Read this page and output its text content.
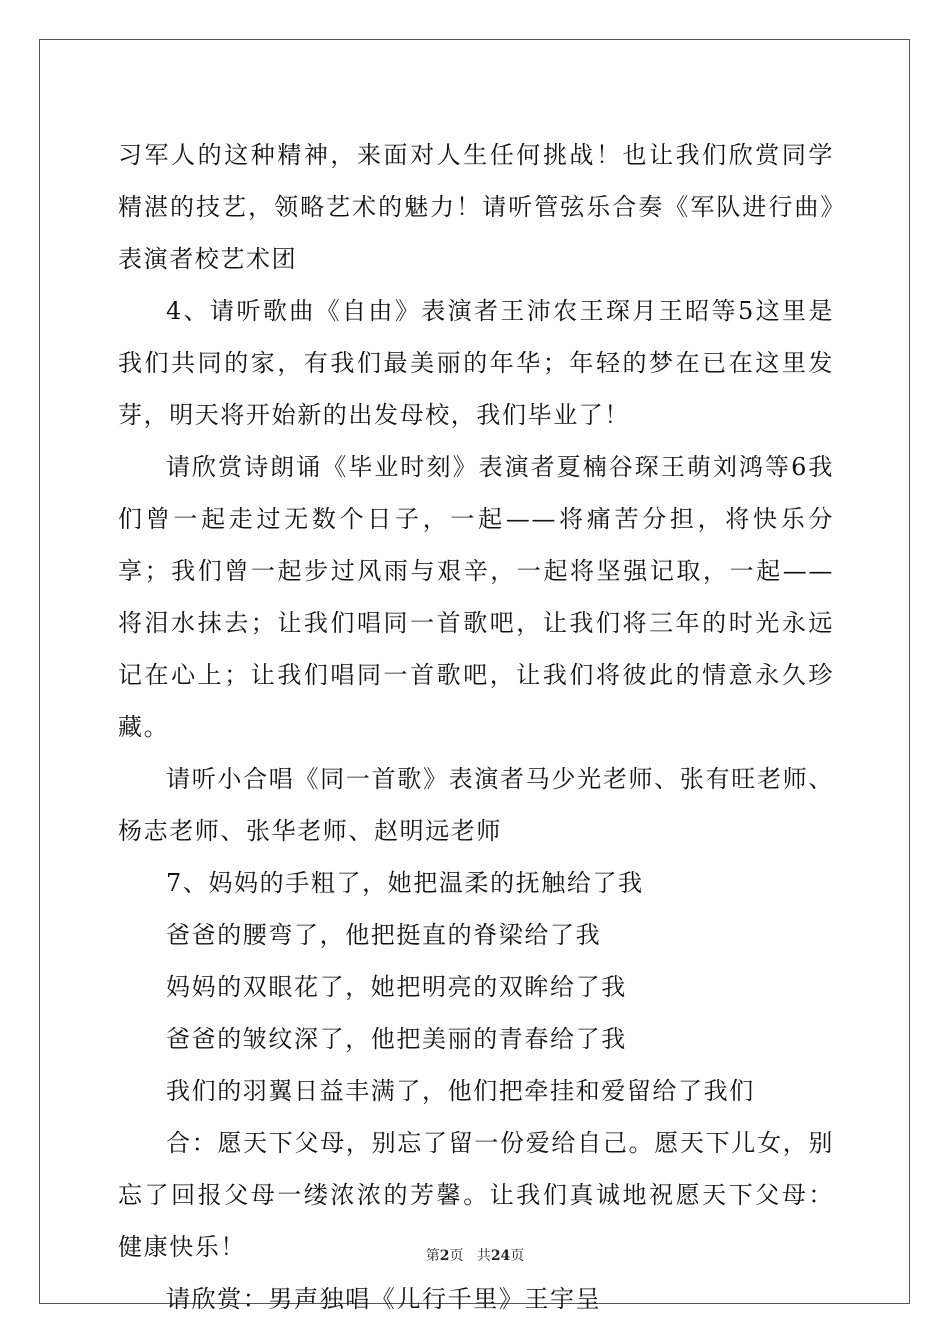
习军人的这种精神，来面对人生任何挑战！也让我们欣赏同学精湛的技艺，领略艺术的魅力！请听管弦乐合奏《军队进行曲》表演者校艺术团

4、请听歌曲《自由》表演者王沛农王琛月王昭等5这里是我们共同的家，有我们最美丽的年华；年轻的梦在已在这里发芽，明天将开始新的出发母校，我们毕业了！

请欣赏诗朗诵《毕业时刻》表演者夏楠谷琛王萌刘鸿等6我们曾一起走过无数个日子，一起——将痛苦分担，将快乐分享；我们曾一起步过风雨与艰辛，一起将坚强记取，一起——将泪水抹去；让我们唱同一首歌吧，让我们将三年的时光永远记在心上；让我们唱同一首歌吧，让我们将彼此的情意永久珍藏。

请听小合唱《同一首歌》表演者马少光老师、张有旺老师、杨志老师、张华老师、赵明远老师

7、妈妈的手粗了，她把温柔的抚触给了我

爸爸的腰弯了，他把挺直的脊梁给了我

妈妈的双眼花了，她把明亮的双眸给了我

爸爸的皱纹深了，他把美丽的青春给了我

我们的羽翼日益丰满了，他们把牵挂和爱留给了我们

合：愿天下父母，别忘了留一份爱给自己。愿天下儿女，别忘了回报父母一缕浓浓的芳馨。让我们真诚地祝愿天下父母：健康快乐！

请欣赏：男声独唱《儿行千里》王宇呈

第2页 共24页
